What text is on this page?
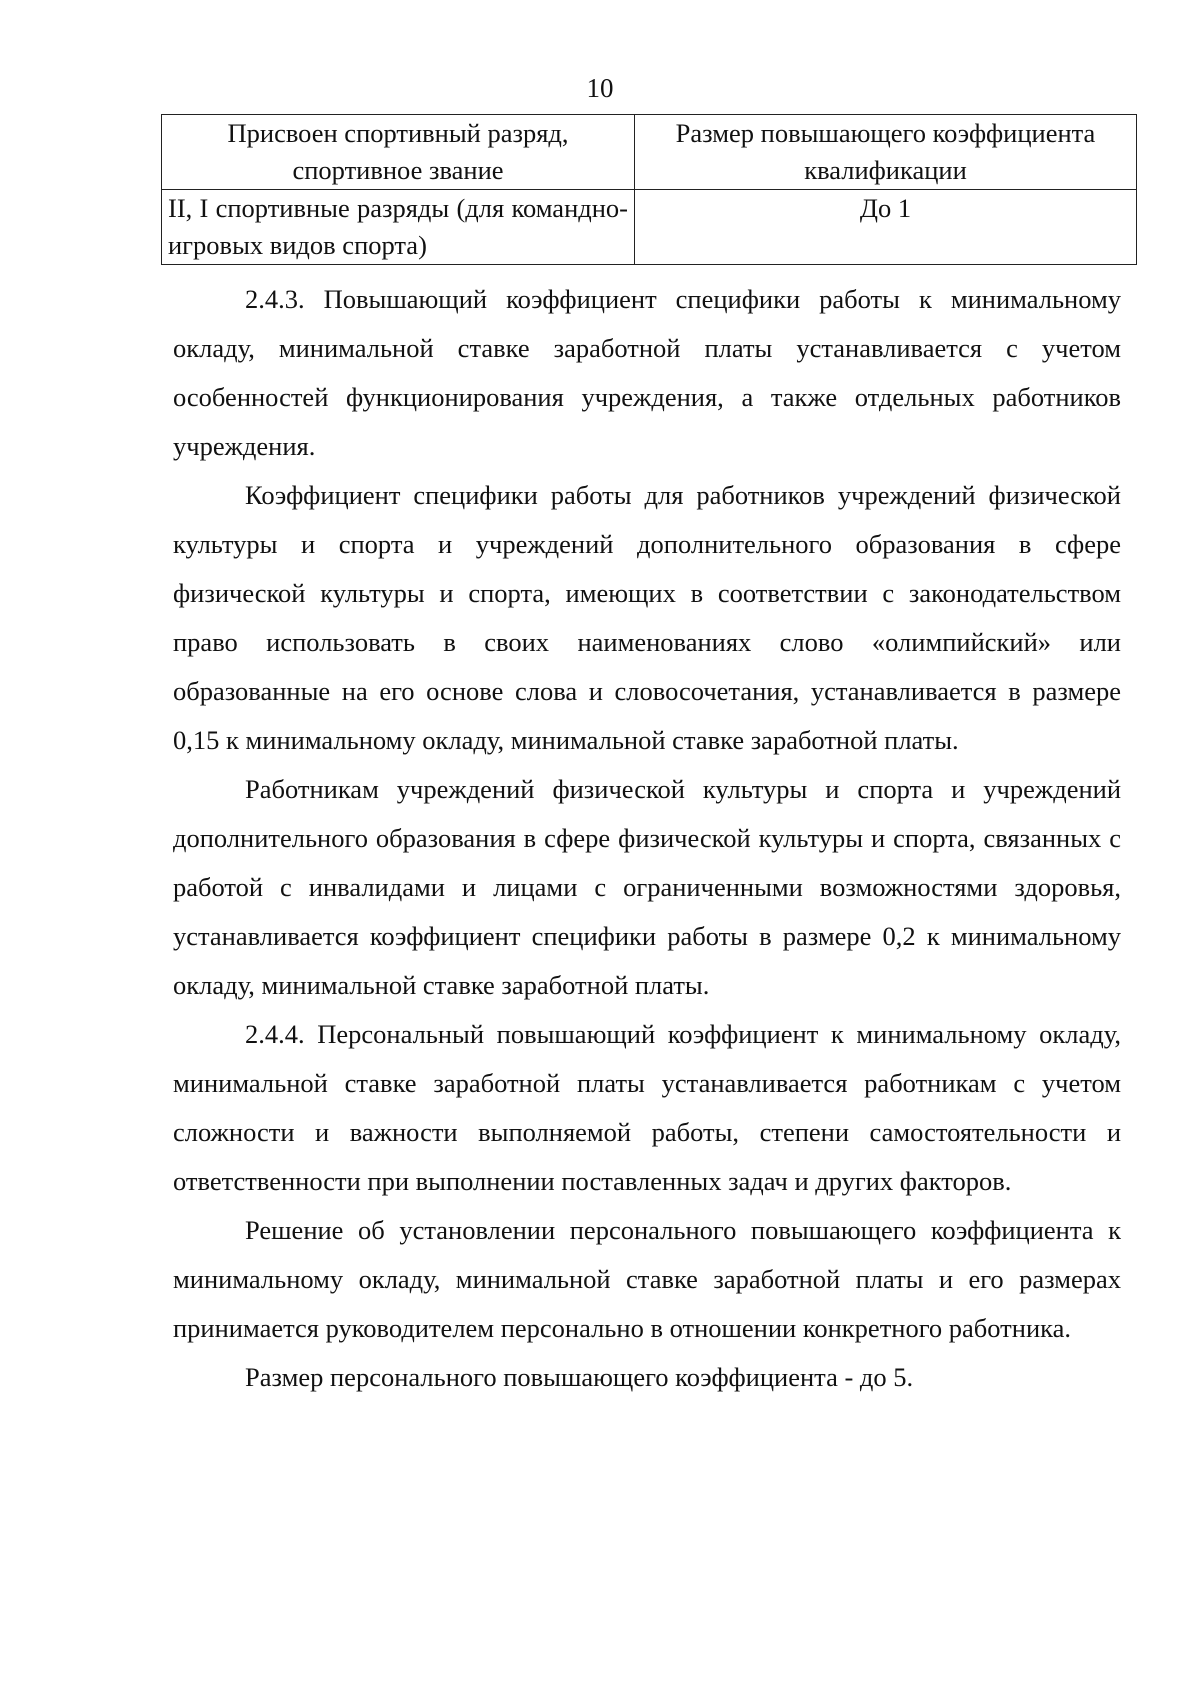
10
Присвоен спортивный разряд, спортивное звание	Размер повышающего коэффициента квалификации
II, I спортивные разряды (для командно-игровых видов спорта)	До 1

2.4.3. Повышающий коэффициент специфики работы к минимальному окладу, минимальной ставке заработной платы устанавливается с учетом особенностей функционирования учреждения, а также отдельных работников учреждения.

Коэффициент специфики работы для работников учреждений физической культуры и спорта и учреждений дополнительного образования в сфере физической культуры и спорта, имеющих в соответствии с законодательством право использовать в своих наименованиях слово «олимпийский» или образованные на его основе слова и словосочетания, устанавливается в размере 0,15 к минимальному окладу, минимальной ставке заработной платы.

Работникам учреждений физической культуры и спорта и учреждений дополнительного образования в сфере физической культуры и спорта, связанных с работой с инвалидами и лицами с ограниченными возможностями здоровья, устанавливается коэффициент специфики работы в размере 0,2 к минимальному окладу, минимальной ставке заработной платы.

2.4.4. Персональный повышающий коэффициент к минимальному окладу, минимальной ставке заработной платы устанавливается работникам с учетом сложности и важности выполняемой работы, степени самостоятельности и ответственности при выполнении поставленных задач и других факторов.

Решение об установлении персонального повышающего коэффициента к минимальному окладу, минимальной ставке заработной платы и его размерах принимается руководителем персонально в отношении конкретного работника.

Размер персонального повышающего коэффициента - до 5.
